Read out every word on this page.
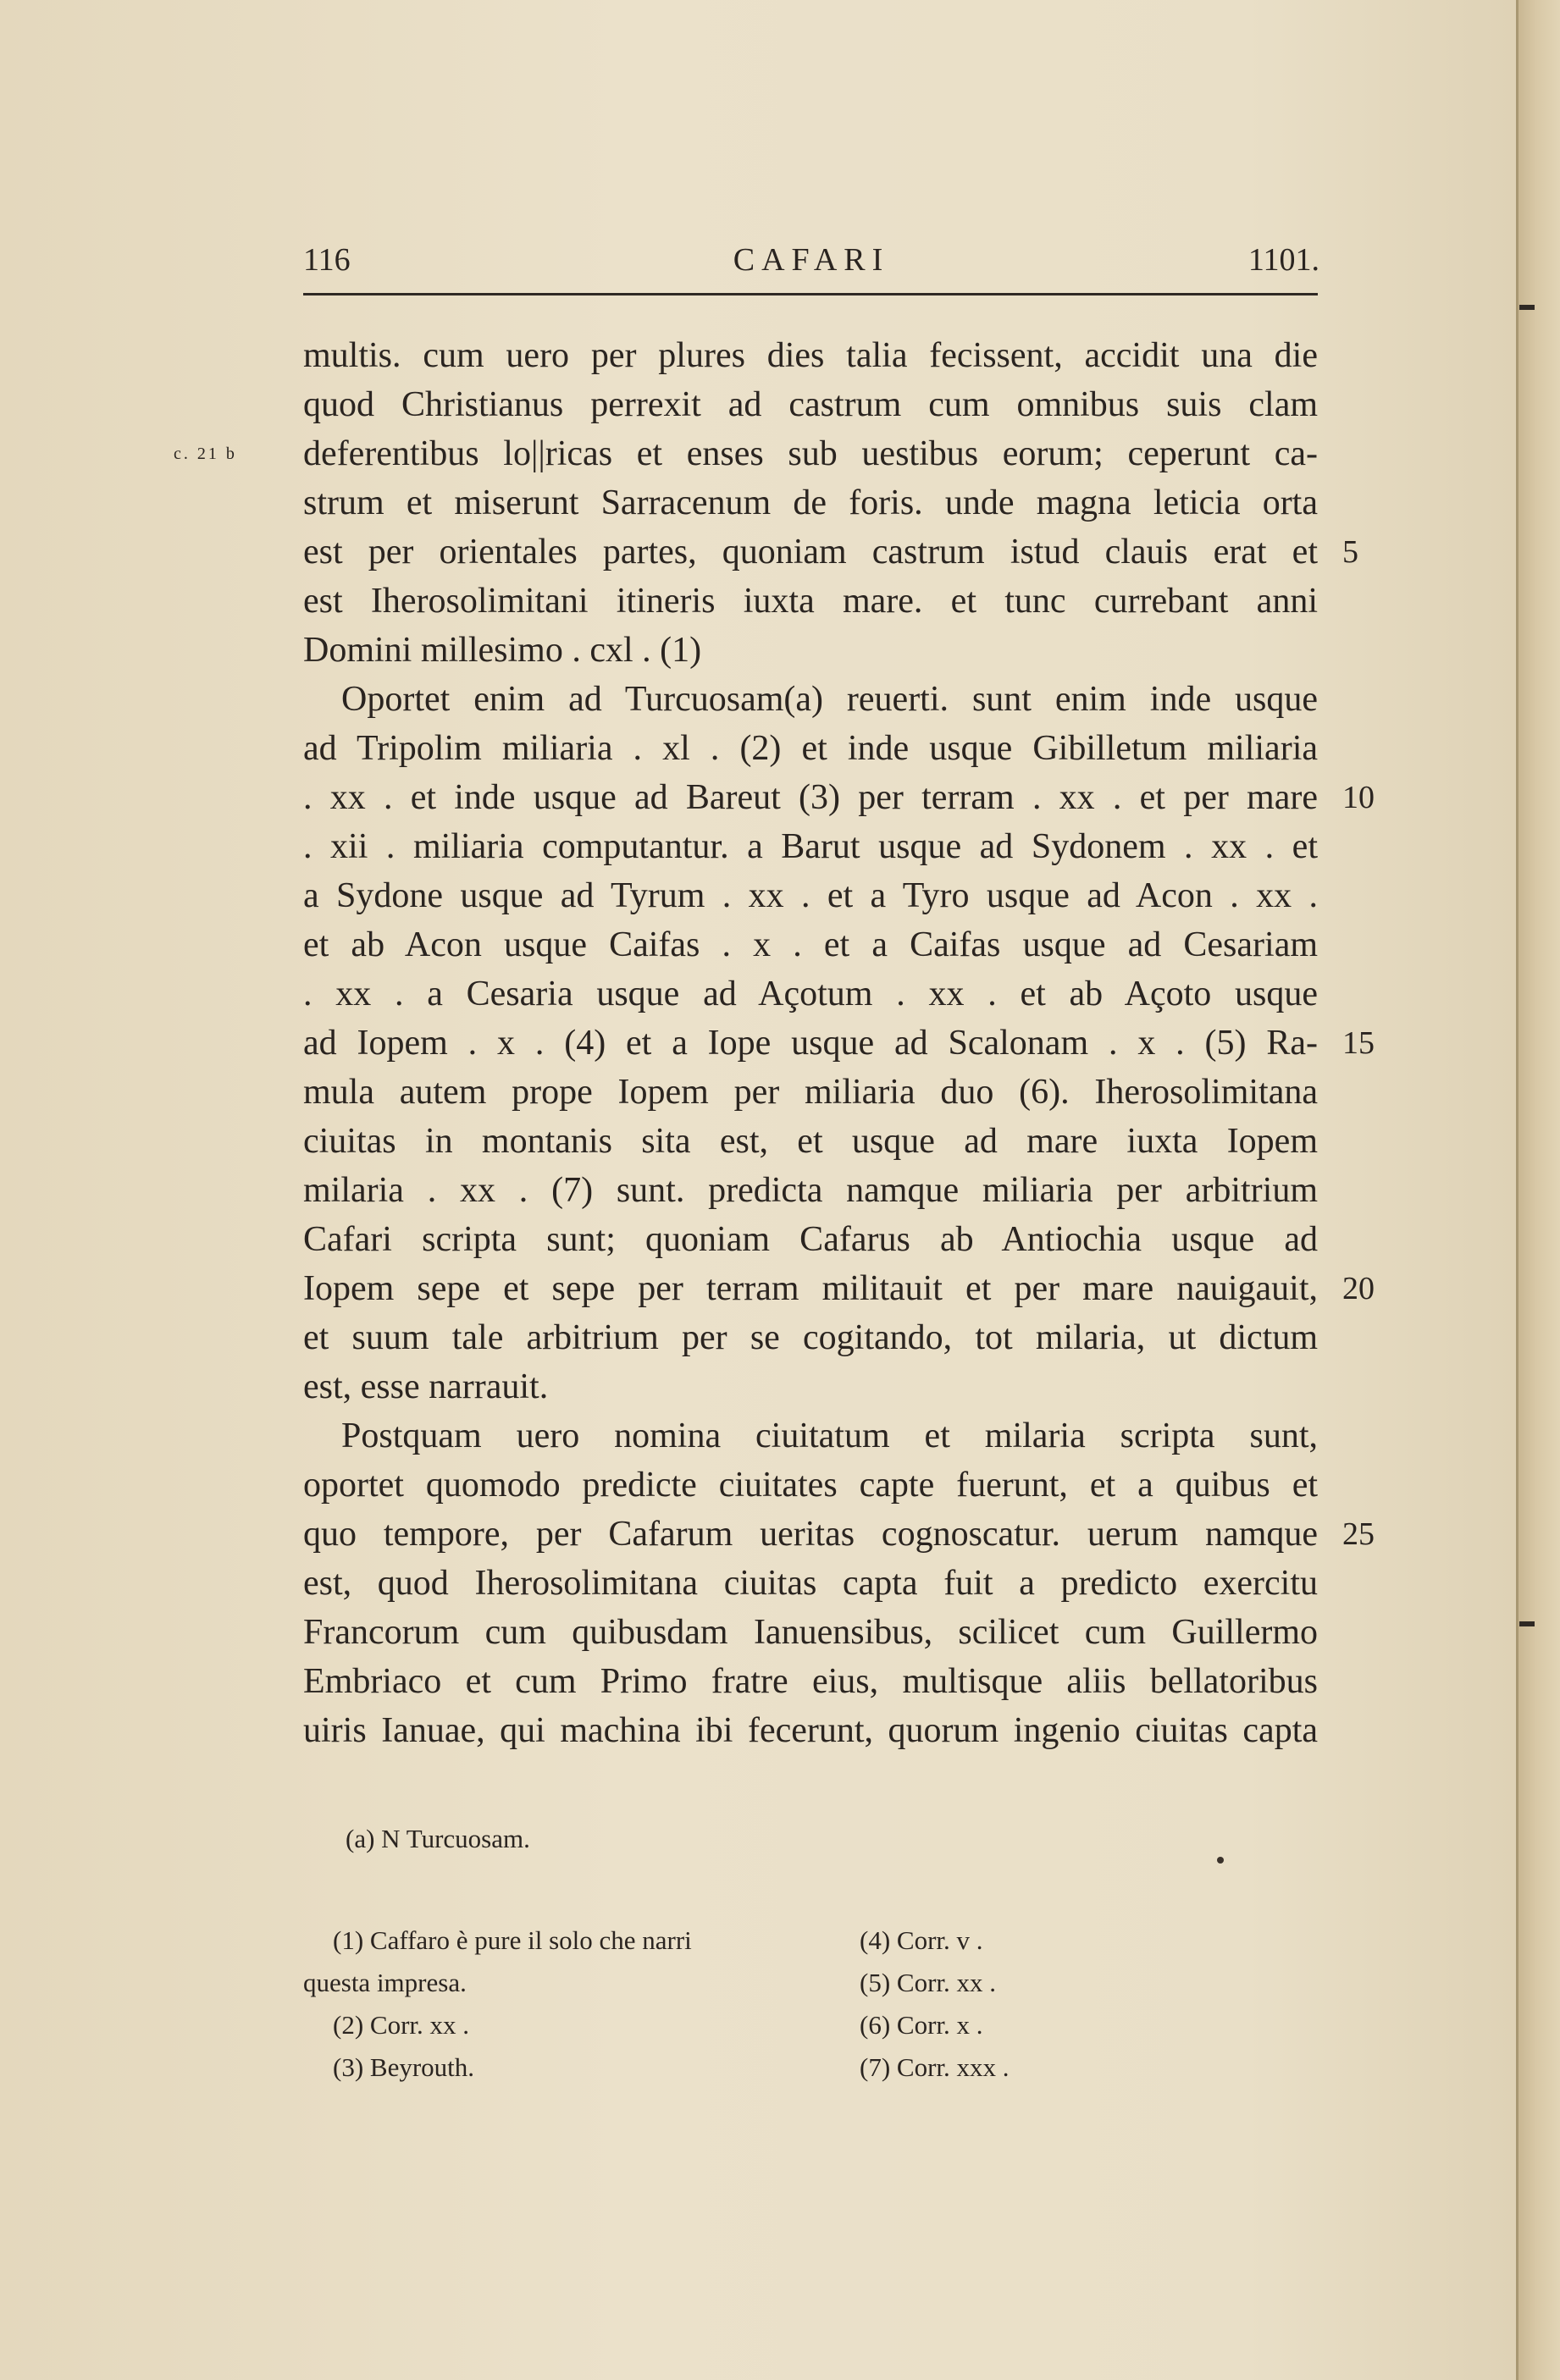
CAFARI
116	1101.
c. 21 b
multis. cum uero per plures dies talia fecissent, accidit una die
quod Christianus perrexit ad castrum cum omnibus suis clam
deferentibus lo||ricas et enses sub uestibus eorum; ceperunt ca-
strum et miserunt Sarracenum de foris. unde magna leticia orta
est per orientales partes, quoniam castrum istud clauis erat et
est Iherosolimitani itineris iuxta mare. et tunc currebant anni
Domini millesimo . cxl . (1)
Oportet enim ad Turcuosam(a) reuerti. sunt enim inde usque
ad Tripolim miliaria . xl . (2) et inde usque Gibilletum miliaria
. xx . et inde usque ad Bareut (3) per terram . xx . et per mare
. xii . miliaria computantur. a Barut usque ad Sydonem . xx . et
a Sydone usque ad Tyrum . xx . et a Tyro usque ad Acon . xx .
et ab Acon usque Caifas . x . et a Caifas usque ad Cesariam
. xx . a Cesaria usque ad Açotum . xx . et ab Açoto usque
ad Iopem . x . (4) et a Iope usque ad Scalonam . x . (5) Ra-
mula autem prope Iopem per miliaria duo (6). Iherosolimitana
ciuitas in montanis sita est, et usque ad mare iuxta Iopem
milaria . xx . (7) sunt. predicta namque miliaria per arbitrium
Cafari scripta sunt; quoniam Cafarus ab Antiochia usque ad
Iopem sepe et sepe per terram militauit et per mare nauigauit,
et suum tale arbitrium per se cogitando, tot milaria, ut dictum
est, esse narrauit.
Postquam uero nomina ciuitatum et milaria scripta sunt,
oportet quomodo predicte ciuitates capte fuerunt, et a quibus et
quo tempore, per Cafarum ueritas cognoscatur. uerum namque
est, quod Iherosolimitana ciuitas capta fuit a predicto exercitu
Francorum cum quibusdam Ianuensibus, scilicet cum Guillermo
Embriaco et cum Primo fratre eius, multisque aliis bellatoribus
uiris Ianuae, qui machina ibi fecerunt, quorum ingenio ciuitas capta
5
10
15
20
25
(a) N Turcuosam.
(1) Caffaro è pure il solo che narri
questa impresa.
(2) Corr. xx .
(3) Beyrouth.
(4) Corr. v .
(5) Corr. xx .
(6) Corr. x .
(7) Corr. xxx .
